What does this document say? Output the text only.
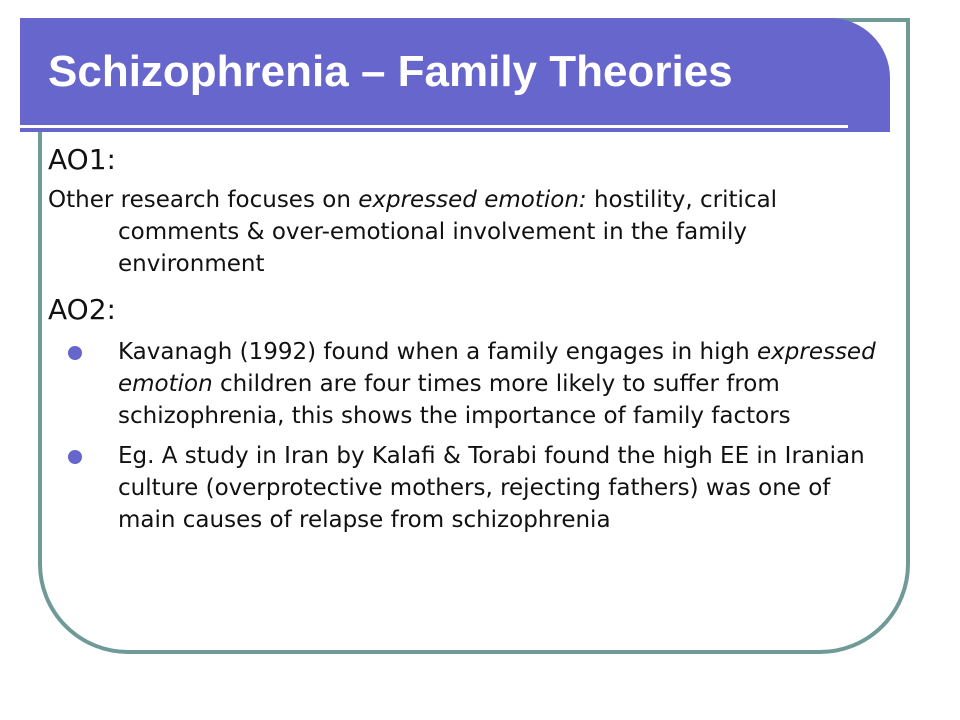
Schizophrenia – Family Theories

AO1:

Other research focuses on expressed emotion: hostility, critical comments & over-emotional involvement in the family environment

AO2:

Kavanagh (1992) found when a family engages in high expressed emotion children are four times more likely to suffer from schizophrenia, this shows the importance of family factors
Eg. A study in Iran by Kalafi & Torabi found the high EE in Iranian culture (overprotective mothers, rejecting fathers) was one of main causes of relapse from schizophrenia
